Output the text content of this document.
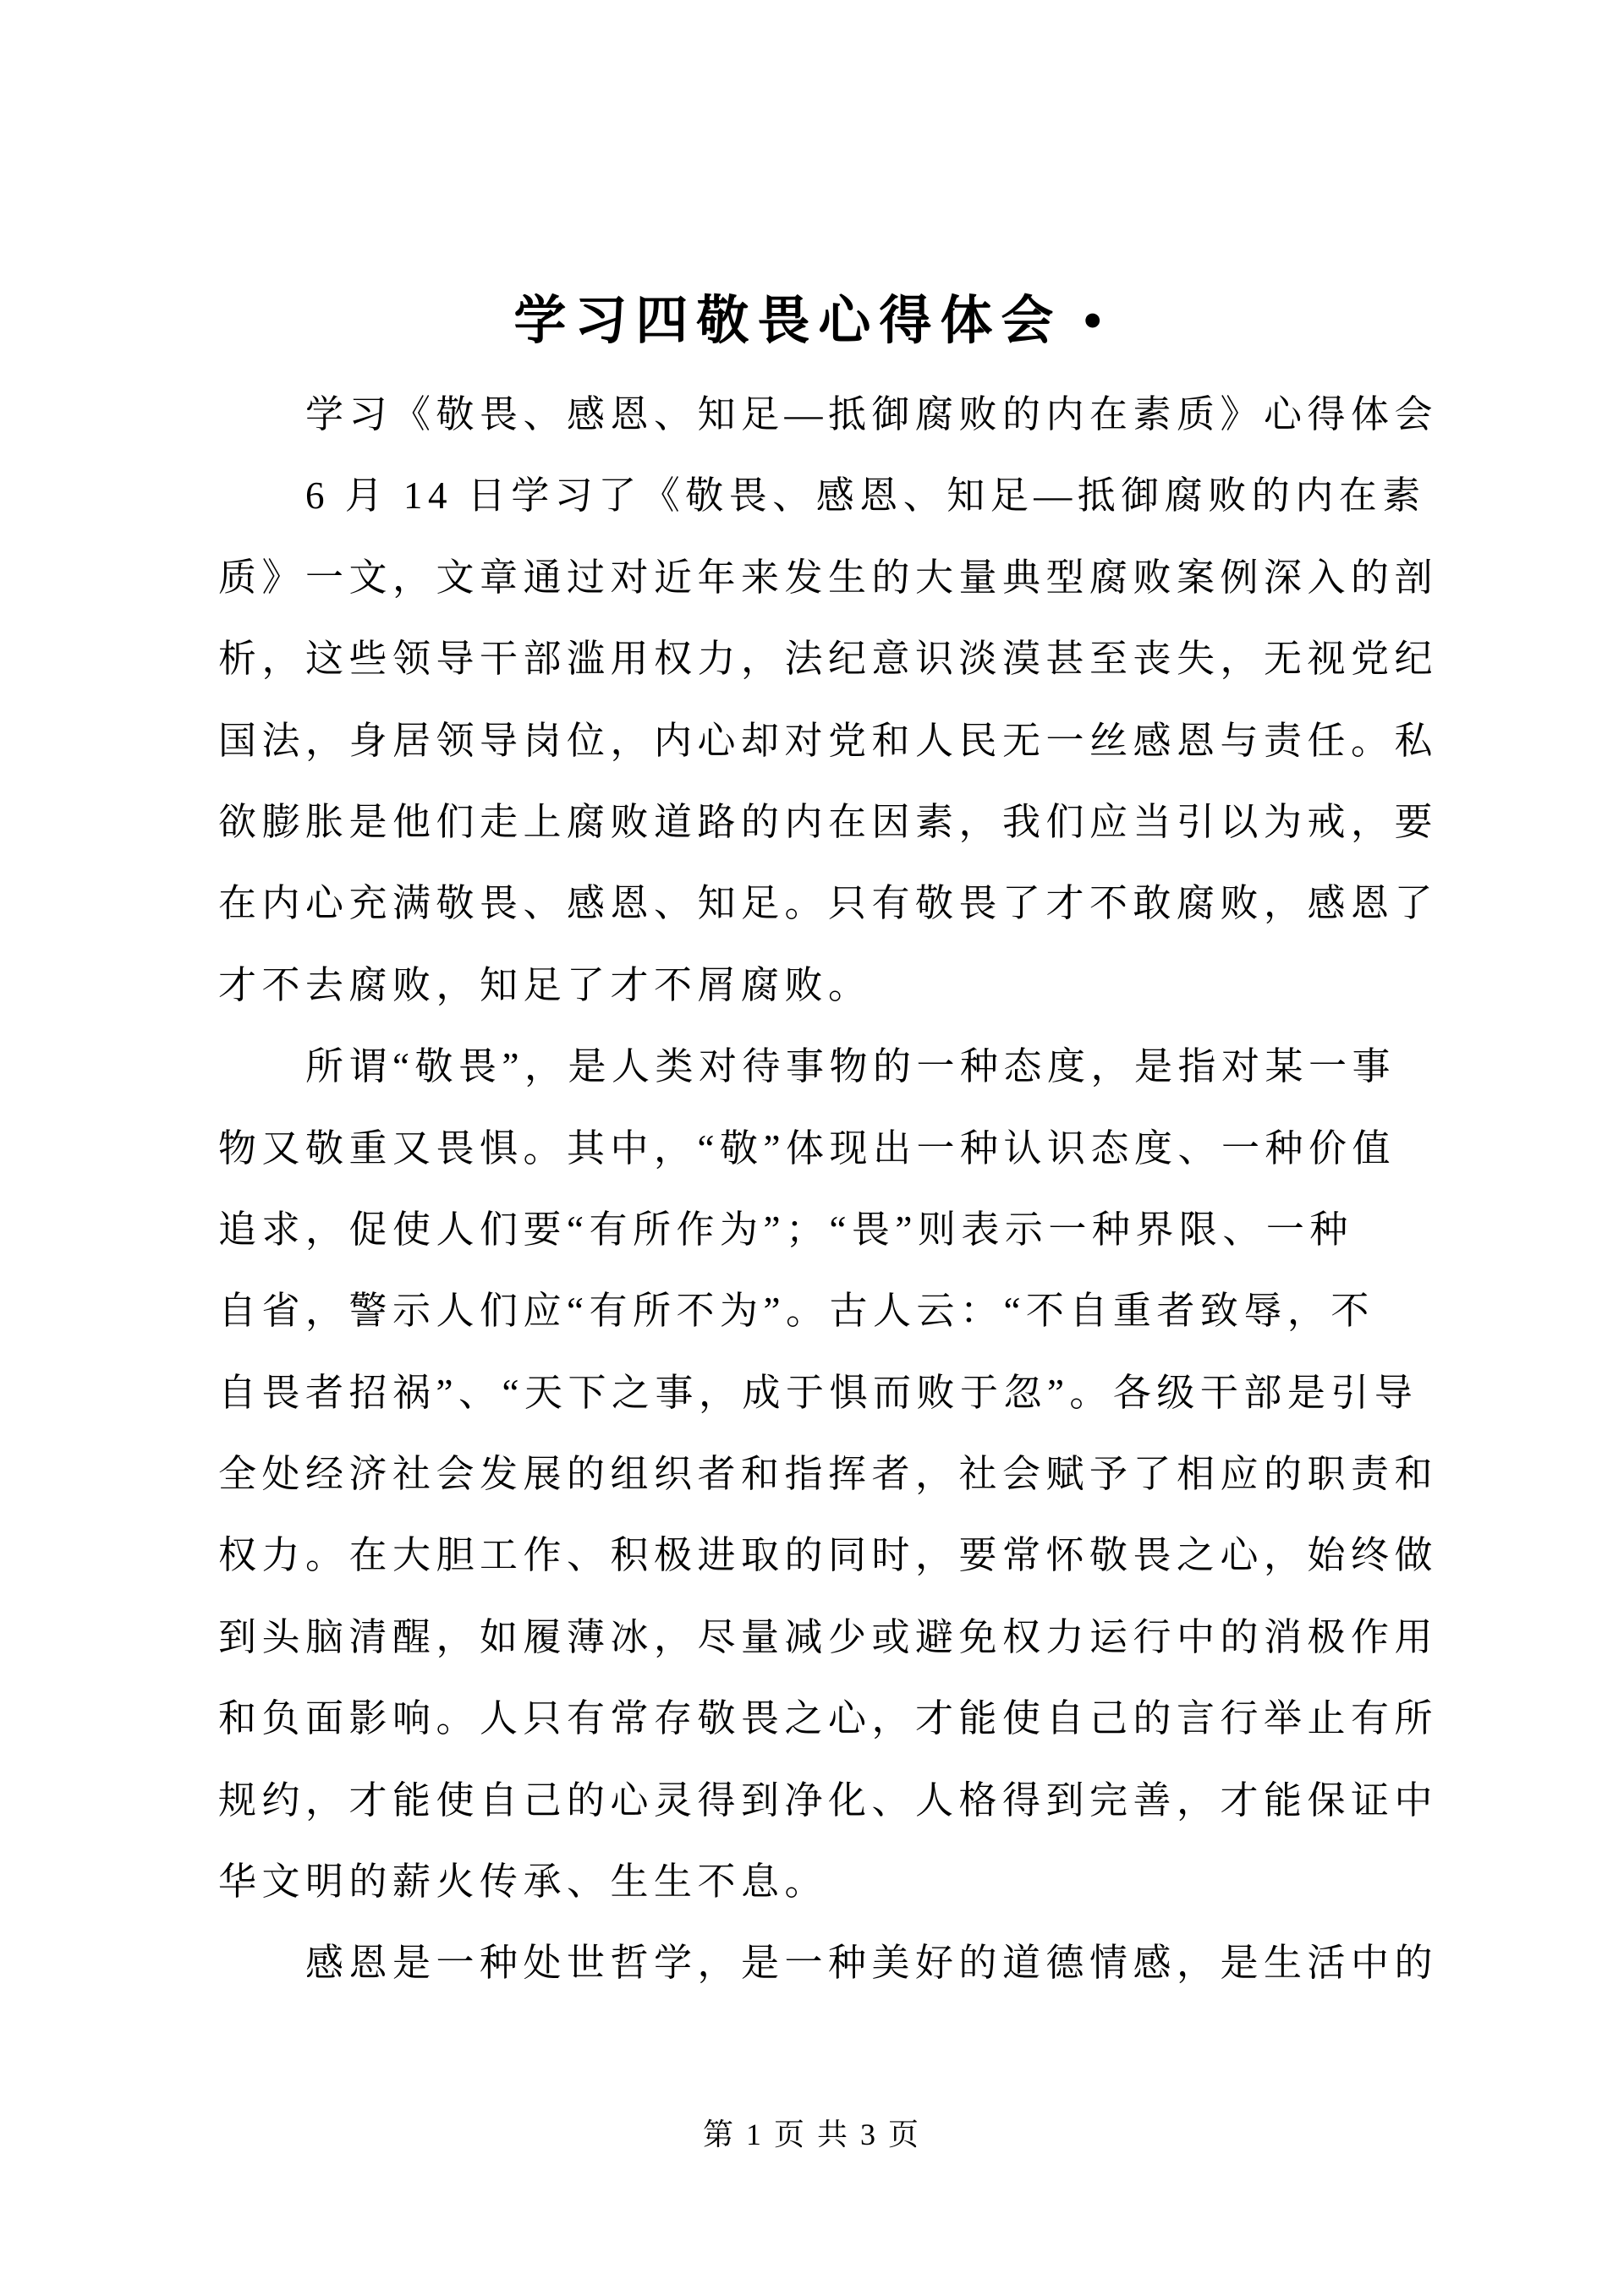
学习四敬畏心得体会 •
学习《敬畏、感恩、知足—抵御腐败的内在素质》心得体会
6 月 14 日学习了《敬畏、感恩、知足—抵御腐败的内在素
质》一文，文章通过对近年来发生的大量典型腐败案例深入的剖
析，这些领导干部滥用权力，法纪意识淡漠甚至丧失，无视党纪
国法，身居领导岗位，内心却对党和人民无一丝感恩与责任。私
欲膨胀是他们走上腐败道路的内在因素，我们应当引以为戒，要
在内心充满敬畏、感恩、知足。只有敬畏了才不敢腐败，感恩了
才不去腐败，知足了才不屑腐败。
所谓“敬畏”，是人类对待事物的一种态度，是指对某一事
物又敬重又畏惧。其中，“敬”体现出一种认识态度、一种价值
追求，促使人们要“有所作为”；“畏”则表示一种界限、一种
自省，警示人们应“有所不为”。古人云：“不自重者致辱，不
自畏者招祸”、“天下之事，成于惧而败于忽”。各级干部是引导
全处经济社会发展的组织者和指挥者，社会赋予了相应的职责和
权力。在大胆工作、积极进取的同时，要常怀敬畏之心，始终做
到头脑清醒，如履薄冰，尽量减少或避免权力运行中的消极作用
和负面影响。人只有常存敬畏之心，才能使自己的言行举止有所
规约，才能使自己的心灵得到净化、人格得到完善，才能保证中
华文明的薪火传承、生生不息。
感恩是一种处世哲学，是一种美好的道德情感，是生活中的
第 1 页 共 3 页
